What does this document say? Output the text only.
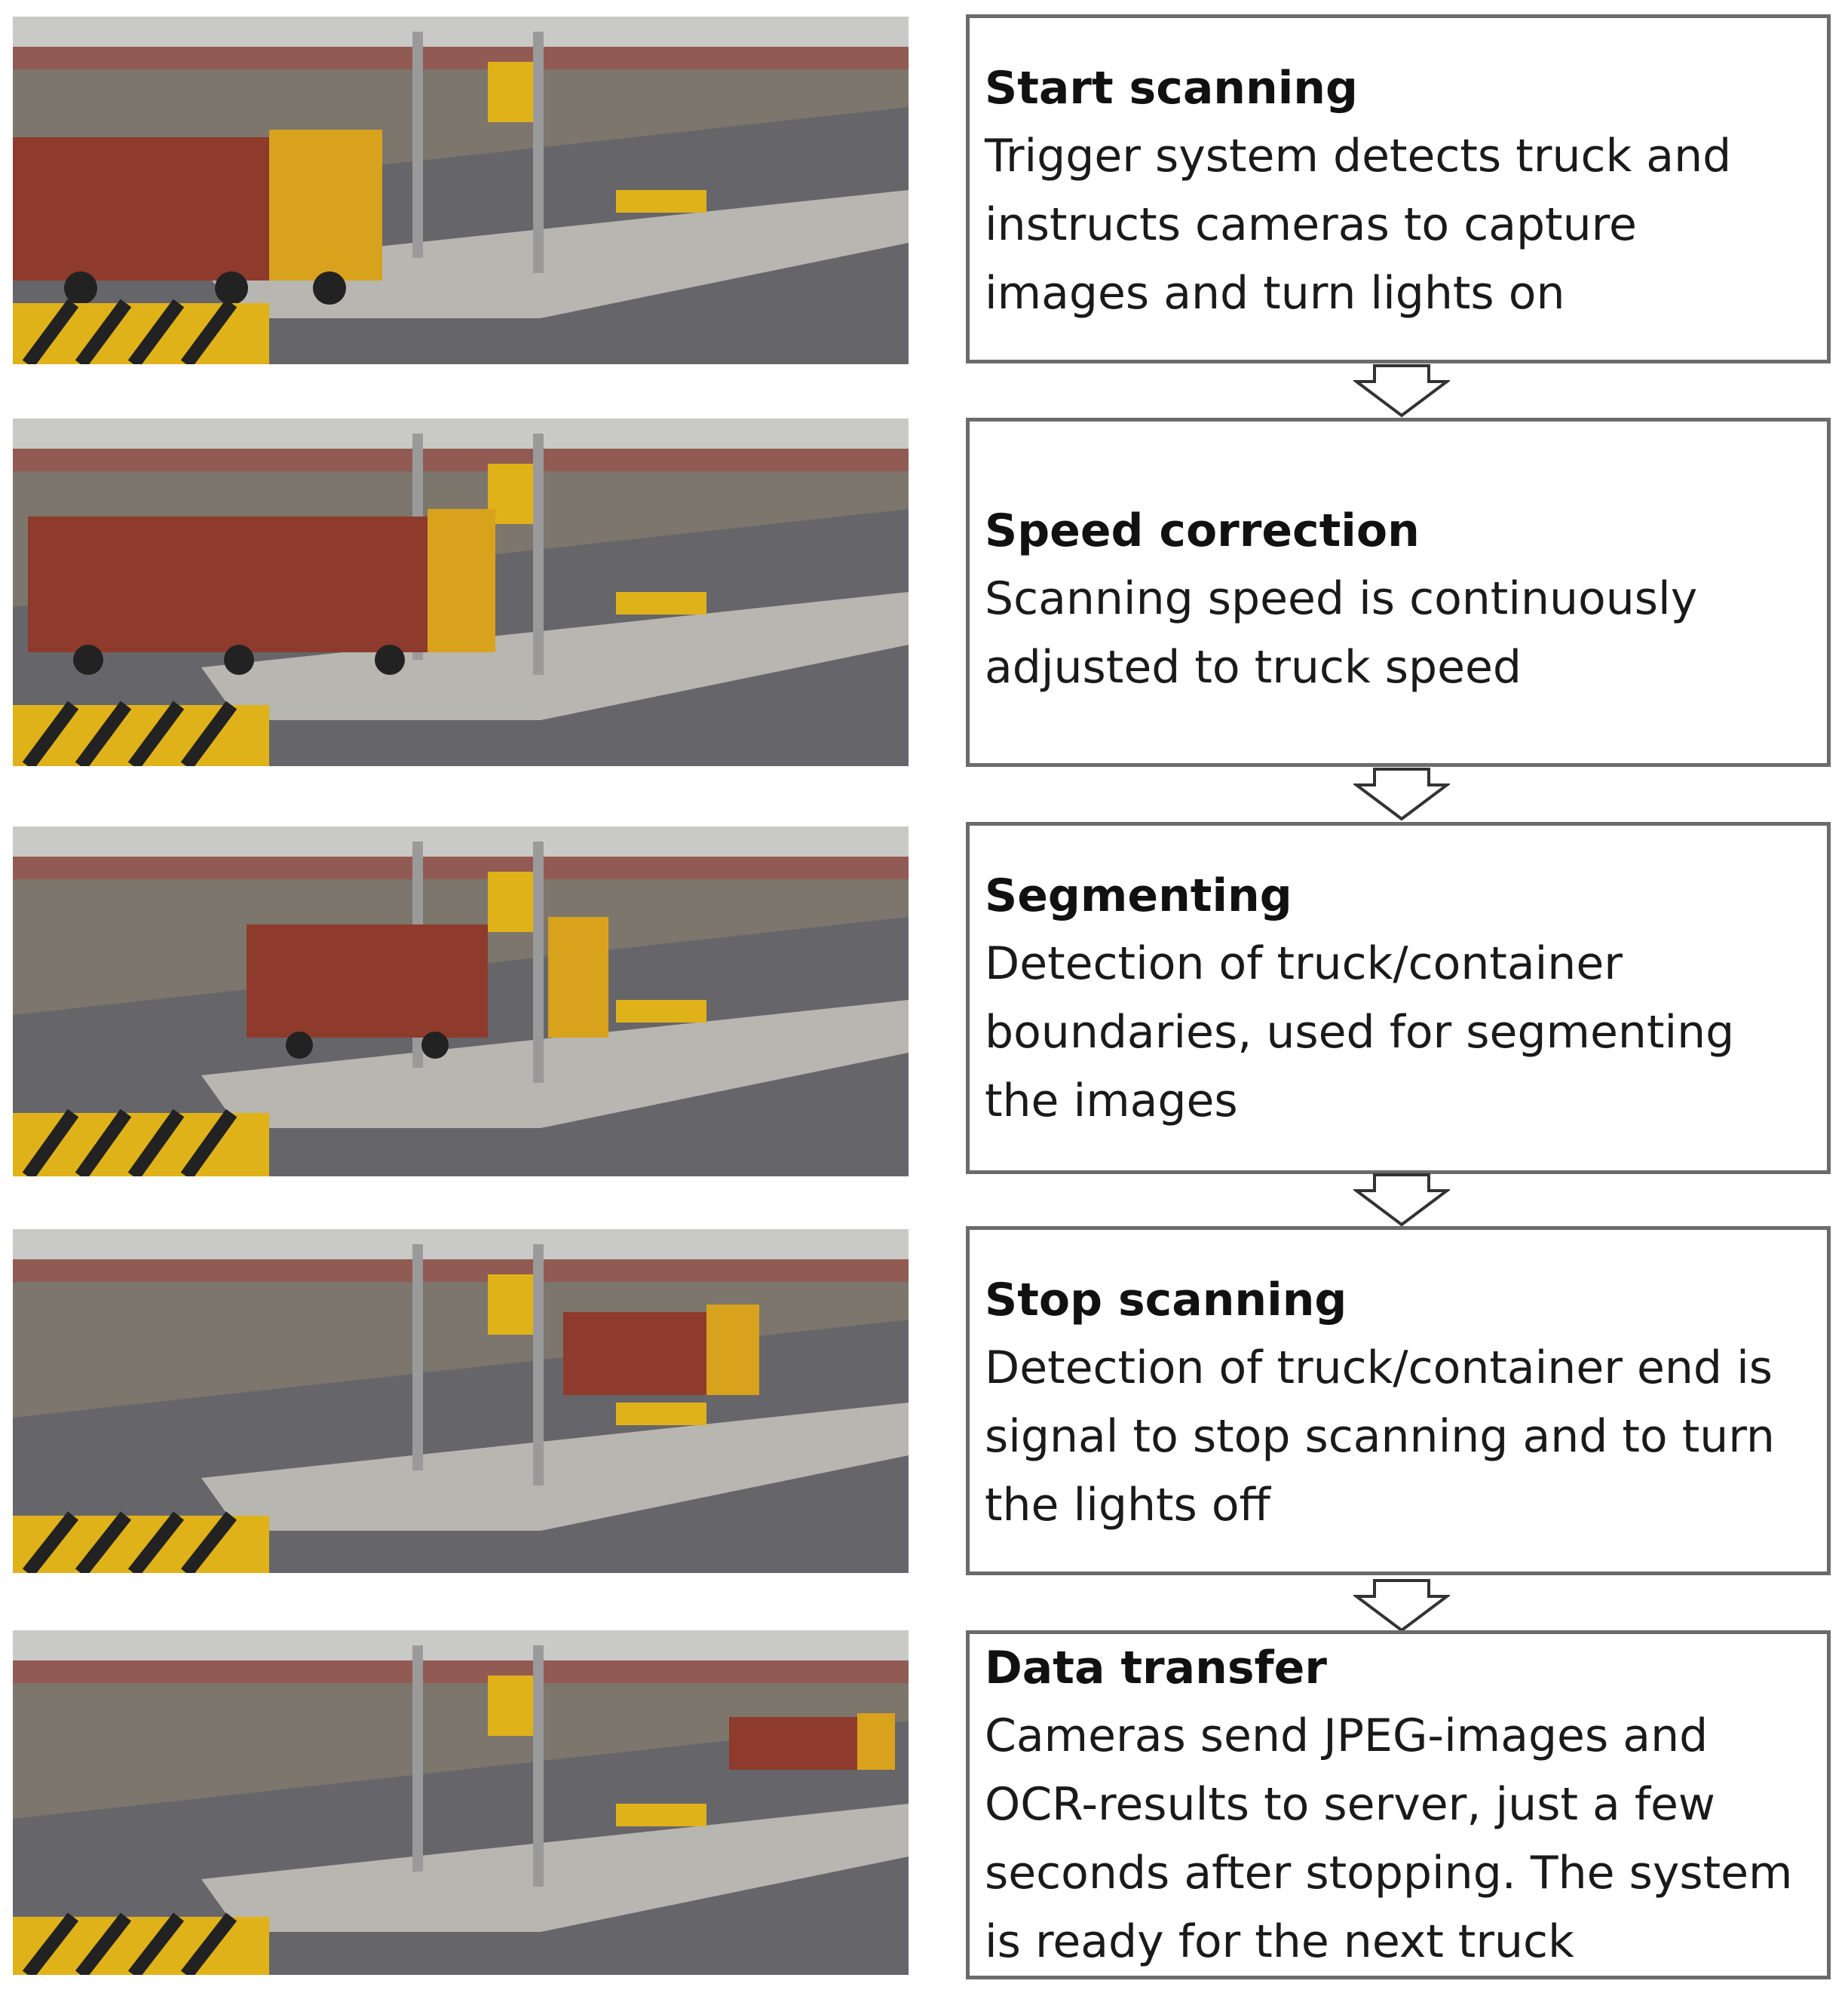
Start scanning
Trigger system detects truck and instructs cameras to capture images and turn lights on
Speed correction
Scanning speed is continuously adjusted to truck speed
Segmenting
Detection of truck/container boundaries, used for segmenting the images
Stop scanning
Detection of truck/container end is signal to stop scanning and to turn the lights off
Data transfer
Cameras send JPEG-images and OCR-results to server, just a few seconds after stopping. The system is ready for the next truck
